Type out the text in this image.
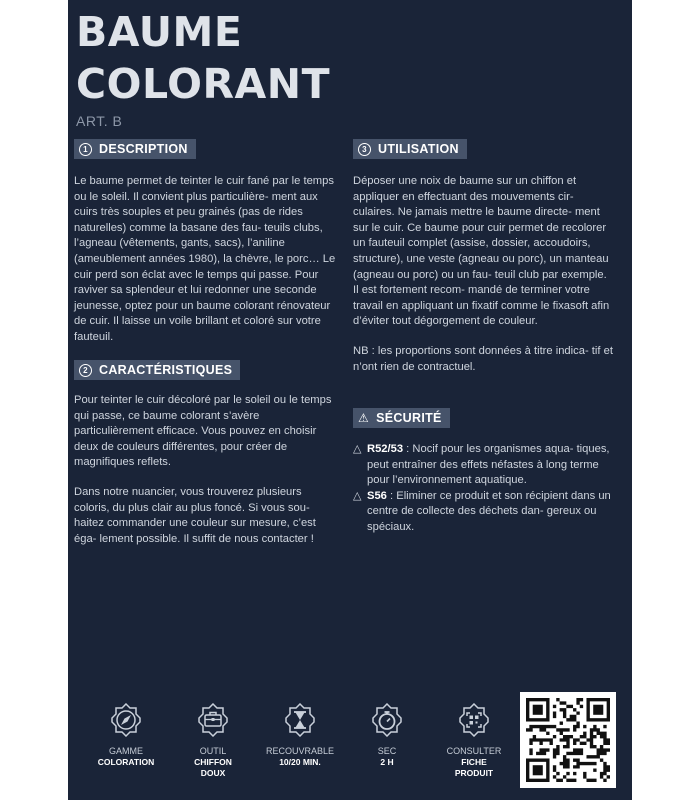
BAUME
COLORANT
ART. B
1 DESCRIPTION

Le baume permet de teinter le cuir fané par le temps ou le soleil. Il convient plus particulière- ment aux cuirs très souples et peu grainés (pas de rides naturelles) comme la basane des fau- teuils clubs, l’agneau (vêtements, gants, sacs), l’aniline (ameublement années 1980), la chèvre, le porc… Le cuir perd son éclat avec le temps qui passe. Pour raviver sa splendeur et lui redonner une seconde jeunesse, optez pour un baume colorant rénovateur de cuir. Il laisse un voile brillant et coloré sur votre fauteuil.

2 CARACTÉRISTIQUES

Pour teinter le cuir décoloré par le soleil ou le temps qui passe, ce baume colorant s’avère particulièrement efficace. Vous pouvez en choisir deux de couleurs différentes, pour créer de magnifiques reflets.

Dans notre nuancier, vous trouverez plusieurs coloris, du plus clair au plus foncé. Si vous sou- haitez commander une couleur sur mesure, c’est éga- lement possible. Il suffit de nous contacter !

3 UTILISATION

Déposer une noix de baume sur un chiffon et appliquer en effectuant des mouvements cir- culaires. Ne jamais mettre le baume directe- ment sur le cuir. Ce baume pour cuir permet de recolorer un fauteuil complet (assise, dossier, accoudoirs, structure), une veste (agneau ou porc), un manteau (agneau ou porc) ou un fau- teuil club par exemple. Il est fortement recom- mandé de terminer votre travail en appliquant un fixatif comme le fixasoft afin d’éviter tout dégorgement de couleur.

NB : les proportions sont données à titre indica- tif et n’ont rien de contractuel.

⚠ SÉCURITÉ
△ R52/53 : Nocif pour les organismes aqua- tiques, peut entraîner des effets néfastes à long terme pour l’environnement aquatique.
△ S56 : Eliminer ce produit et son récipient dans un centre de collecte des déchets dan- gereux ou spéciaux.
GAMME
COLORATION
OUTIL
CHIFFON
DOUX
RECOUVRABLE
10/20 MIN.
SEC
2 H
CONSULTER
FICHE
PRODUIT
